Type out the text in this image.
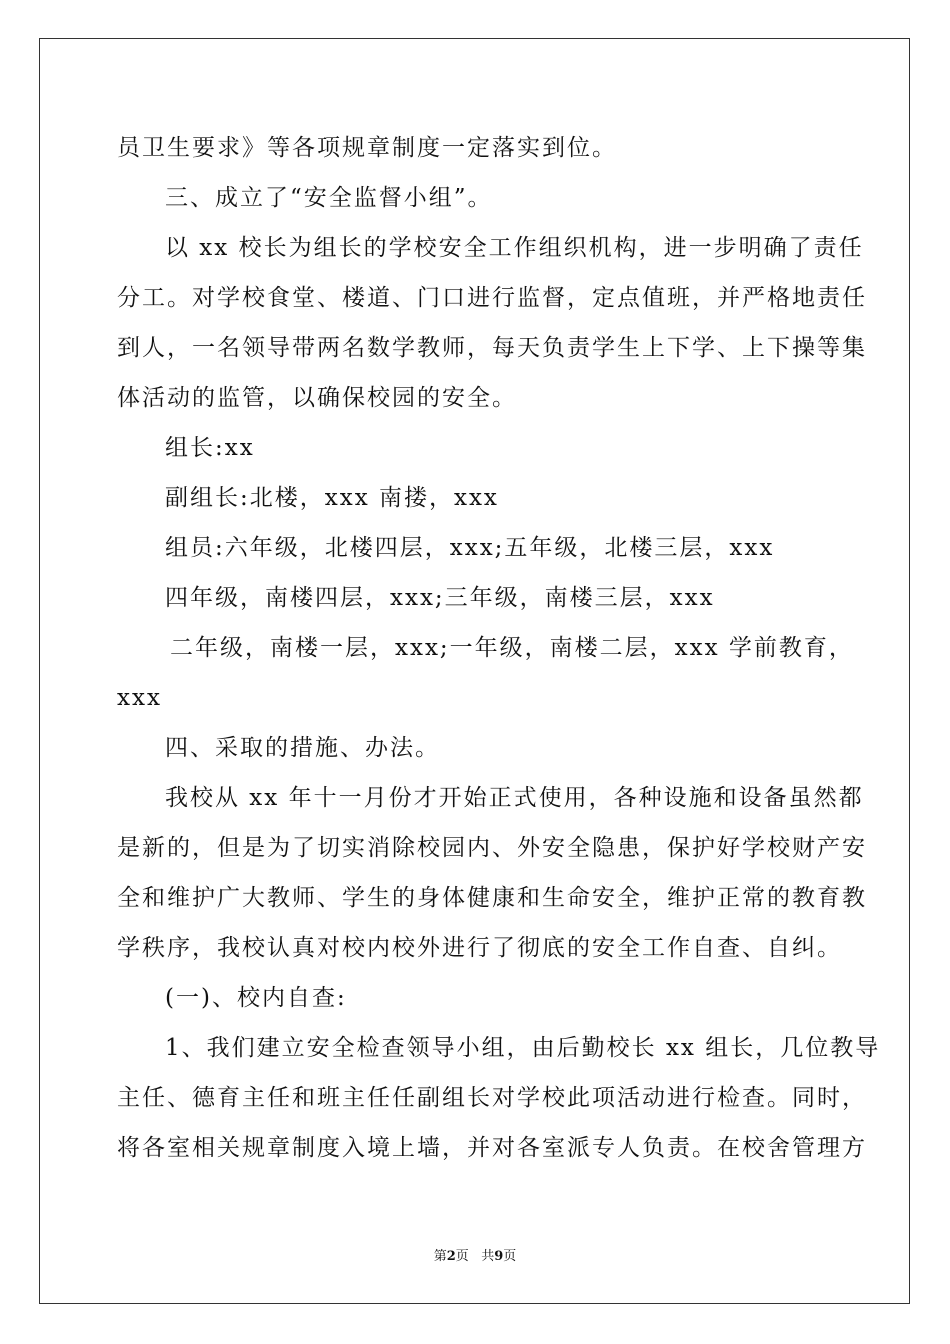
员卫生要求》等各项规章制度一定落实到位。
三、成立了“安全监督小组”。
以 xx 校长为组长的学校安全工作组织机构，进一步明确了责任
分工。对学校食堂、楼道、门口进行监督，定点值班，并严格地责任
到人，一名领导带两名数学教师，每天负责学生上下学、上下操等集
体活动的监管，以确保校园的安全。
组长:xx
副组长:北楼，xxx 南搂，xxx
组员:六年级，北楼四层，xxx;五年级，北楼三层，xxx
四年级，南楼四层，xxx;三年级，南楼三层，xxx
二年级，南楼一层，xxx;一年级，南楼二层，xxx 学前教育，
xxx
四、采取的措施、办法。
我校从 xx 年十一月份才开始正式使用，各种设施和设备虽然都
是新的，但是为了切实消除校园内、外安全隐患，保护好学校财产安
全和维护广大教师、学生的身体健康和生命安全，维护正常的教育教
学秩序，我校认真对校内校外进行了彻底的安全工作自查、自纠。
(一)、校内自查:
1、我们建立安全检查领导小组，由后勤校长 xx 组长，几位教导
主任、德育主任和班主任任副组长对学校此项活动进行检查。同时，
将各室相关规章制度入境上墙，并对各室派专人负责。在校舍管理方
第2页   共9页
